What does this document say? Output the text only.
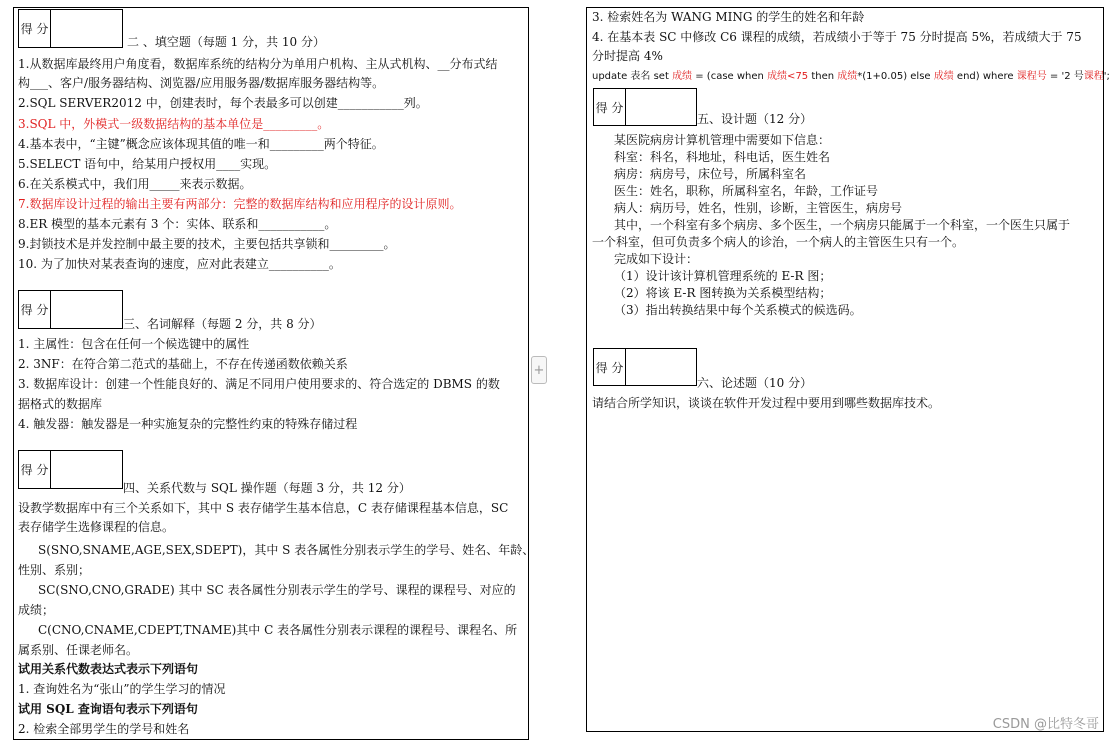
得 分
二 、填空题（每题 1 分，共 10 分）
1.从数据库最终用户角度看，数据库系统的结构分为单用户机构、主从式机构、__分布式结
构___、客户/服务器结构、浏览器/应用服务器/数据库服务器结构等。
2.SQL SERVER2012 中，创建表时，每个表最多可以创建___________列。
3.SQL 中，外模式一级数据结构的基本单位是_________。
4.基本表中，“主键”概念应该体现其值的唯一和_________两个特征。
5.SELECT 语句中，给某用户授权用____实现。
6.在关系模式中，我们用_____来表示数据。
7.数据库设计过程的输出主要有两部分：完整的数据库结构和应用程序的设计原则。
8.ER 模型的基本元素有 3 个：实体、联系和___________。
9.封锁技术是并发控制中最主要的技术，主要包括共享锁和_________。
10. 为了加快对某表查询的速度，应对此表建立__________。
得 分
三、名词解释（每题 2 分，共 8 分）
1. 主属性：包含在任何一个候选键中的属性
2. 3NF：在符合第二范式的基础上，不存在传递函数依赖关系
3. 数据库设计：创建一个性能良好的、满足不同用户使用要求的、符合选定的 DBMS 的数
据格式的数据库
4. 触发器：触发器是一种实施复杂的完整性约束的特殊存储过程
得 分
四、关系代数与 SQL 操作题（每题 3 分，共 12 分）
设教学数据库中有三个关系如下，其中 S 表存储学生基本信息，C 表存储课程基本信息，SC
表存储学生选修课程的信息。
S(SNO,SNAME,AGE,SEX,SDEPT)，其中 S 表各属性分别表示学生的学号、姓名、年龄、
性别、系别；
SC(SNO,CNO,GRADE) 其中 SC 表各属性分别表示学生的学号、课程的课程号、对应的
成绩；
C(CNO,CNAME,CDEPT,TNAME)其中 C 表各属性分别表示课程的课程号、课程名、所
属系别、任课老师名。
试用关系代数表达式表示下列语句
1. 查询姓名为“张山”的学生学习的情况
试用 SQL 查询语句表示下列语句
2. 检索全部男学生的学号和姓名
+
3. 检索姓名为 WANG MING 的学生的姓名和年龄
4. 在基本表 SC 中修改 C6 课程的成绩，若成绩小于等于 75 分时提高 5%，若成绩大于 75
分时提高 4%
update 表名 set 成绩 = (case when 成绩<75 then 成绩*(1+0.05) else 成绩 end) where 课程号 = '2 号课程';
得 分
五、设计题（12 分）
某医院病房计算机管理中需要如下信息：
科室：科名，科地址，科电话，医生姓名
病房：病房号，床位号，所属科室名
医生：姓名，职称，所属科室名，年龄，工作证号
病人：病历号，姓名，性别，诊断，主管医生，病房号
其中，一个科室有多个病房、多个医生，一个病房只能属于一个科室，一个医生只属于
一个科室，但可负责多个病人的诊治，一个病人的主管医生只有一个。
完成如下设计：
（1）设计该计算机管理系统的 E-R 图；
（2）将该 E-R 图转换为关系模型结构；
（3）指出转换结果中每个关系模式的候选码。
得 分
六、论述题（10 分）
请结合所学知识，谈谈在软件开发过程中要用到哪些数据库技术。
CSDN @比特冬哥
